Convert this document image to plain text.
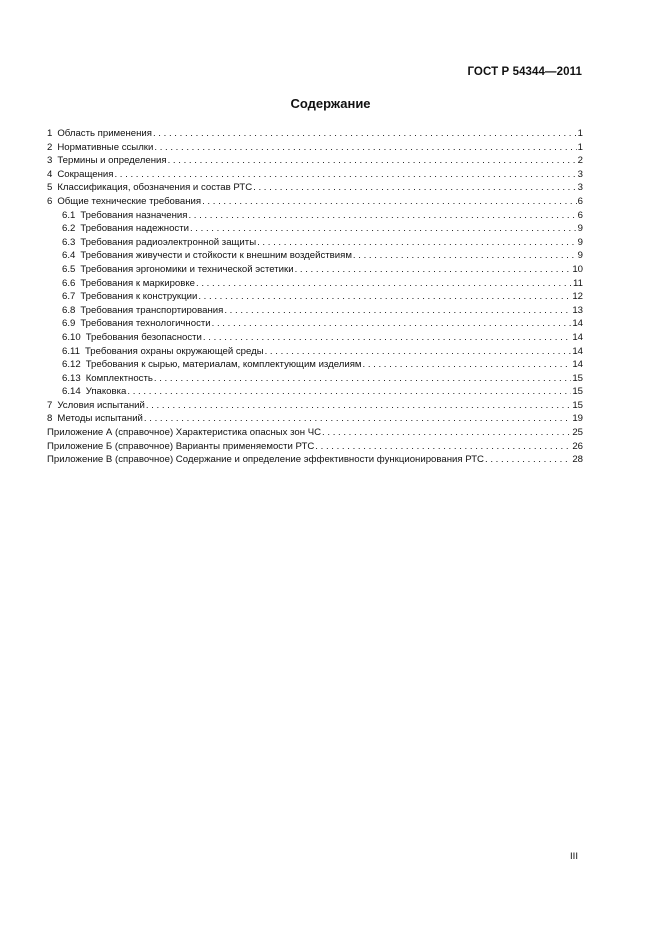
ГОСТ Р 54344—2011
Содержание
1 Область применения . . .	1
2 Нормативные ссылки . . .	1
3 Термины и определения . . .	2
4 Сокращения . . .	3
5 Классификация, обозначения и состав РТС . . .	3
6 Общие технические требования . . .	6
6.1 Требования назначения . . .	6
6.2 Требования надежности . . .	9
6.3 Требования радиоэлектронной защиты . . .	9
6.4 Требования живучести и стойкости к внешним воздействиям . . .	9
6.5 Требования эргономики и технической эстетики . . .	10
6.6 Требования к маркировке . . .	11
6.7 Требования к конструкции . . .	12
6.8 Требования транспортирования . . .	13
6.9 Требования технологичности . . .	14
6.10 Требования безопасности . . .	14
6.11 Требования охраны окружающей среды . . .	14
6.12 Требования к сырью, материалам, комплектующим изделиям . . .	14
6.13 Комплектность . . .	15
6.14 Упаковка . . .	15
7 Условия испытаний . . .	15
8 Методы испытаний . . .	19
Приложение А (справочное) Характеристика опасных зон ЧС . . .	25
Приложение Б (справочное) Варианты применяемости РТС . . .	26
Приложение В (справочное) Содержание и определение эффективности функционирования РТС . . .	28
III
